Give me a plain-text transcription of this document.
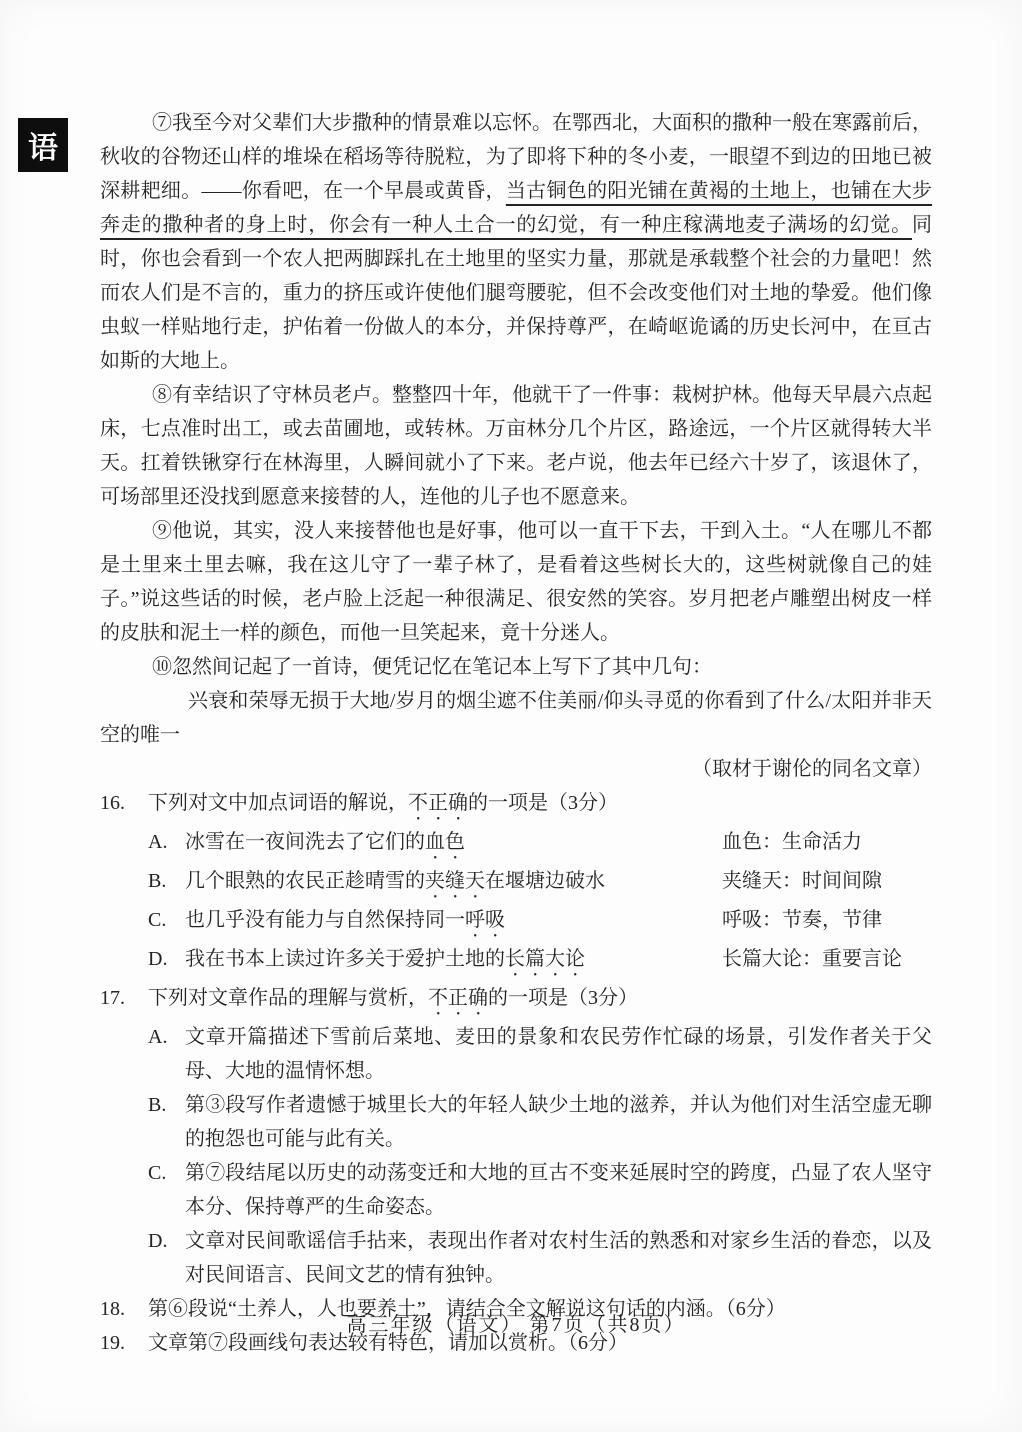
语

⑦我至今对父辈们大步撒种的情景难以忘怀。在鄂西北，大面积的撒种一般在寒露前后，秋收的谷物还山样的堆垛在稻场等待脱粒，为了即将下种的冬小麦，一眼望不到边的田地已被深耕耙细。——你看吧，在一个早晨或黄昏，当古铜色的阳光铺在黄褐的土地上，也铺在大步奔走的撒种者的身上时，你会有一种人土合一的幻觉，有一种庄稼满地麦子满场的幻觉。同时，你也会看到一个农人把两脚踩扎在土地里的坚实力量，那就是承载整个社会的力量吧！然而农人们是不言的，重力的挤压或许使他们腿弯腰驼，但不会改变他们对土地的挚爱。他们像虫蚁一样贴地行走，护佑着一份做人的本分，并保持尊严，在崎岖诡谲的历史长河中，在亘古如斯的大地上。

⑧有幸结识了守林员老卢。整整四十年，他就干了一件事：栽树护林。他每天早晨六点起床，七点准时出工，或去苗圃地，或转林。万亩林分几个片区，路途远，一个片区就得转大半天。扛着铁锹穿行在林海里，人瞬间就小了下来。老卢说，他去年已经六十岁了，该退休了，可场部里还没找到愿意来接替的人，连他的儿子也不愿意来。

⑨他说，其实，没人来接替他也是好事，他可以一直干下去，干到入土。“人在哪儿不都是土里来土里去嘛，我在这儿守了一辈子林了，是看着这些树长大的，这些树就像自己的娃子。”说这些话的时候，老卢脸上泛起一种很满足、很安然的笑容。岁月把老卢雕塑出树皮一样的皮肤和泥土一样的颜色，而他一旦笑起来，竟十分迷人。

⑩忽然间记起了一首诗，便凭记忆在笔记本上写下了其中几句：

兴衰和荣辱无损于大地/岁月的烟尘遮不住美丽/仰头寻觅的你看到了什么/太阳并非天空的唯一

（取材于谢伦的同名文章）

16. 下列对文中加点词语的解说，不正确的一项是（3分）

A. 冰雪在一夜间洗去了它们的血色	血色：生命活力
B. 几个眼熟的农民正趁晴雪的夹缝天在堰塘边破水	夹缝天：时间间隙
C. 也几乎没有能力与自然保持同一呼吸	呼吸：节奏，节律
D. 我在书本上读过许多关于爱护土地的长篇大论	长篇大论：重要言论

17. 下列对文章作品的理解与赏析，不正确的一项是（3分）

A. 文章开篇描述下雪前后菜地、麦田的景象和农民劳作忙碌的场景，引发作者关于父母、大地的温情怀想。
B. 第③段写作者遗憾于城里长大的年轻人缺少土地的滋养，并认为他们对生活空虚无聊的抱怨也可能与此有关。
C. 第⑦段结尾以历史的动荡变迁和大地的亘古不变来延展时空的跨度，凸显了农人坚守本分、保持尊严的生命姿态。
D. 文章对民间歌谣信手拈来，表现出作者对农村生活的熟悉和对家乡生活的眷恋，以及对民间语言、民间文艺的情有独钟。

18. 第⑥段说“土养人，人也要养土”，请结合全文解说这句话的内涵。（6分）

19. 文章第⑦段画线句表达较有特色，请加以赏析。（6分）

高三年级（语文） 第7页（共8页）
